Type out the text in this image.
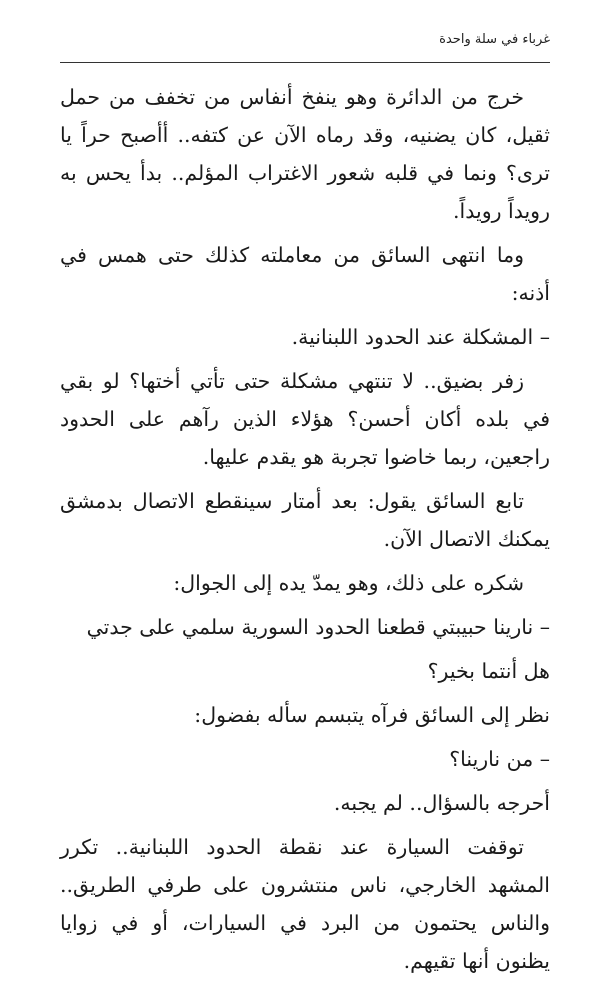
غرباء في سلة واحدة

خرج من الدائرة وهو ينفخ أنفاس من تخفف من حمل ثقيل، كان يضنيه، وقد رماه الآن عن كتفه.. أأصبح حراً يا ترى؟ ونما في قلبه شعور الاغتراب المؤلم.. بدأ يحس به رويداً رويداً.

وما انتهى السائق من معاملته كذلك حتى همس في أذنه:

– المشكلة عند الحدود اللبنانية.

زفر بضيق.. لا تنتهي مشكلة حتى تأتي أختها؟ لو بقي في بلده أكان أحسن؟ هؤلاء الذين رآهم على الحدود راجعين، ربما خاضوا تجربة هو يقدم عليها.

تابع السائق يقول: بعد أمتار سينقطع الاتصال بدمشق يمكنك الاتصال الآن.

شكره على ذلك، وهو يمدّ يده إلى الجوال:

– نارينا حبيبتي قطعنا الحدود السورية سلمي على جدتي

هل أنتما بخير؟

نظر إلى السائق فرآه يتبسم سأله بفضول:

– من نارينا؟

أحرجه بالسؤال.. لم يجبه.

توقفت السيارة عند نقطة الحدود اللبنانية.. تكرر المشهد الخارجي، ناس منتشرون على طرفي الطريق.. والناس يحتمون من البرد في السيارات، أو في زوايا يظنون أنها تقيهم.
